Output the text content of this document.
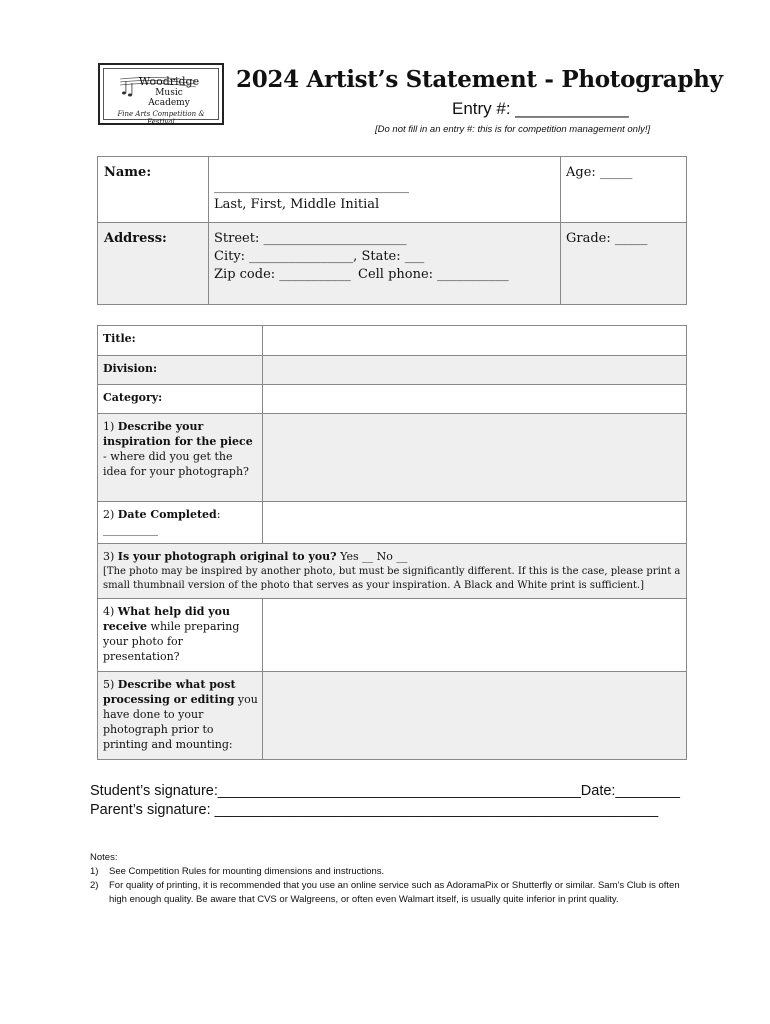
Woodridge
Music Academy
Fine Arts Competition & Festival
2024 Artist’s Statement - Photography
Entry #: ____________
[Do not fill in an entry #: this is for competition management only!]
Name:
______________________________
Last, First, Middle Initial
Age: _____
Address:	Street: ______________________
City: ________________, State: ___
Zip code: ___________ Cell phone: ___________
Grade: _____
Title:
Division:
Category:
1) Describe your inspiration for the piece - where did you get the idea for your photograph?
2) Date Completed: __________
3) Is your photograph original to you? Yes __ No __
[The photo may be inspired by another photo, but must be significantly different. If this is the case, please print a small thumbnail version of the photo that serves as your inspiration. A Black and White print is sufficient.]
4) What help did you receive while preparing your photo for presentation?
5) Describe what post processing or editing you have done to your photograph prior to printing and mounting:
Student’s signature:_____________________________________________Date:________
Parent’s signature: _______________________________________________________
Notes:
1) See Competition Rules for mounting dimensions and instructions.
2) For quality of printing, it is recommended that you use an online service such as AdoramaPix or Shutterfly or similar. Sam’s Club is often high enough quality. Be aware that CVS or Walgreens, or often even Walmart itself, is usually quite inferior in print quality.
